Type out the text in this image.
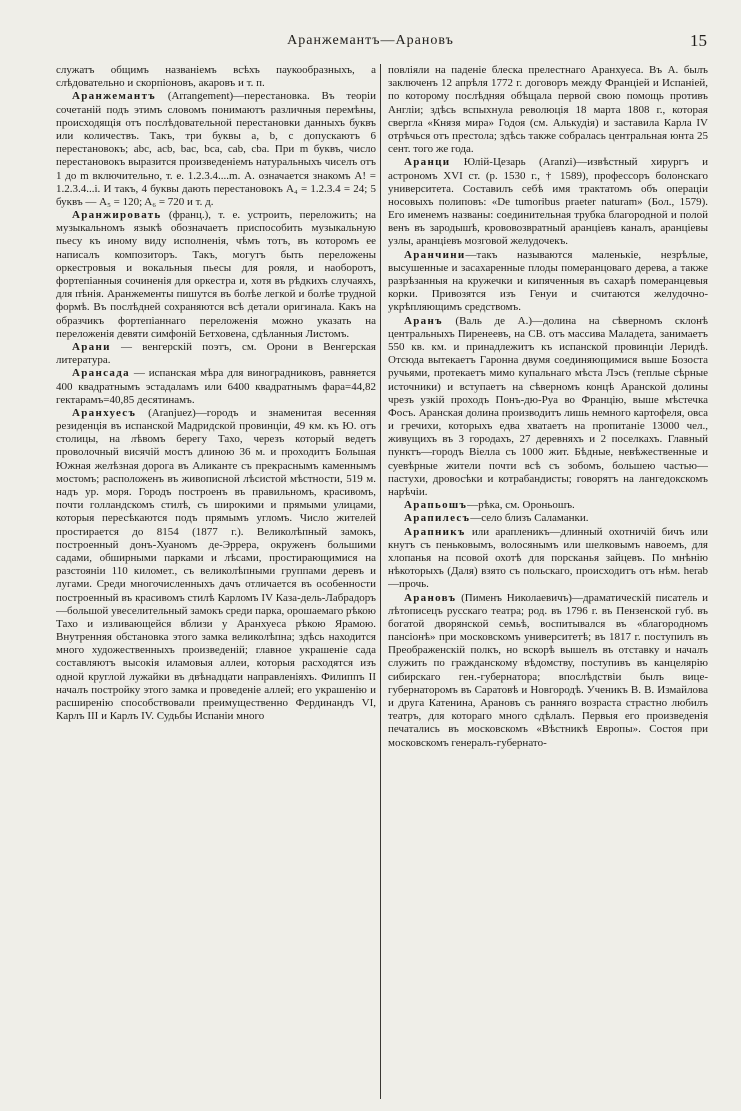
Аранжемантъ—Арановъ	15

служатъ общимъ названіемъ всѣхъ паукообразныхъ, а слѣдовательно и скорпіоновъ, акаровъ и т. п.

Аранжемантъ (Arrangement)—перестановка. Въ теоріи сочетаній подъ этимъ словомъ понимаютъ различныя перемѣны, происходящія отъ послѣдовательной перестановки данныхъ буквъ или количествъ. Такъ, три буквы a, b, c допускаютъ 6 перестановокъ; abc, acb, bac, bca, cab, cba. При m буквъ, число перестановокъ выразится произведеніемъ натуральныхъ чиселъ отъ 1 до m включительно, т. е. 1.2.3.4....m. А. означается знакомъ A! = 1.2.3.4...i. И такъ, 4 буквы дають перестановокъ A₄ = 1.2.3.4 = 24; 5 буквъ — A₅ = 120; A₆ = 720 и т. д.

Аранжировать (франц.), т. е. устроить, переложить; на музыкальномъ языкѣ обозначаетъ приспособить музыкальную пьесу къ иному виду исполненія, чѣмъ тотъ, въ которомъ ее написалъ композиторъ. Такъ, могутъ быть переложены оркестровыя и вокальныя пьесы для рояля, и наоборотъ, фортепіанныя сочиненія для оркестра и, хотя въ рѣдкихъ случаяхъ, для пѣнія. Аранжементы пишутся въ болѣе легкой и болѣе трудной формѣ. Въ послѣдней сохраняются всѣ детали оригинала. Какъ на образчикъ фортепіаннаго переложенія можно указать на переложенія девяти симфоній Бетховена, сдѣланныя Листомъ.

Арани — венгерскій поэтъ, см. Орони в Венгерская литература.

Арансада — испанская мѣра для виноградниковъ, равняется 400 квадратнымъ эстадаламъ или 6400 квадратнымъ фара=44,82 гектарамъ=40,85 десятинамъ.

Аранхуесъ (Aranjuez)—городъ и знаменитая весенняя резиденція въ испанской Мадридской провинціи, 49 км. къ Ю. отъ столицы, на лѣвомъ берегу Тахо, черезъ который ведетъ проволочный висячій мостъ длиною 36 м. и проходитъ Большая Южная желѣзная дорога въ Аликанте съ прекраснымъ каменнымъ мостомъ; расположенъ въ живописной лѣсистой мѣстности, 519 м. надъ ур. моря. Городъ построенъ въ правильномъ, красивомъ, почти голландскомъ стилѣ, съ широкими и прямыми улицами, которыя пересѣкаются подъ прямымъ угломъ. Число жителей простирается до 8154 (1877 г.). Великолѣпный замокъ, построенный донъ-Хуаномъ де-Эррера, окруженъ большими садами, обширными парками и лѣсами, простирающимися на разстояніи 110 километ., съ великолѣпными группами деревъ и лугами. Среди многочисленныхъ дачъ отличается въ особенности построенный въ красивомъ стилѣ Карломъ IV Каза-дель-Лабрадоръ—большой увеселительный замокъ среди парка, орошаемаго рѣкою Тахо и изливающейся вблизи у Аранхуеса рѣкою Ярамою. Внутренняя обстановка этого замка великолѣпна; здѣсь находится много художественныхъ произведеній; главное украшеніе сада составляютъ высокія иламовыя аллеи, которыя расходятся изъ одной круглой лужайки въ двѣнадцати направленіяхъ. Филиппъ II началъ постройку этого замка и проведеніе аллей; его украшенію и расширенію способствовали преимущественно Фердинандъ VI, Карлъ III и Карлъ IV. Судьбы Испаніи много

повліяли на паденіе блеска прелестнаго Аранхуеса. Въ А. былъ заключенъ 12 апрѣля 1772 г. договоръ между Франціей и Испаніей, по которому послѣдняя обѣщала первой свою помощь противъ Англіи; здѣсь вспыхнула революція 18 марта 1808 г., которая свергла «Князя мира» Годоя (см. Алькудія) и заставила Карла IV отрѣчься отъ престола; здѣсь также собралась центральная юнта 25 сент. того же года.

Аранци Юлій-Цезарь (Aranzi)—извѣстный хирургъ и астрономъ XVI ст. (р. 1530 г., † 1589), профессоръ болонскаго университета. Составилъ себѣ имя трактатомъ объ операціи носовыхъ полиповъ: «De tumoribus praeter naturam» (Бол., 1579). Его именемъ названы: соединительная трубка благородной и полой венъ въ зародышѣ, крововозвратный аранціевъ каналъ, аранціевы узлы, аранціевъ мозговой желудочекъ.

Аранчини—такъ называются маленькіе, незрѣлые, высушенные и засахаренные плоды померанцоваго дерева, а также разрѣзанныя на кружечки и кипяченныя въ сахарѣ померанцевыя корки. Привозятся изъ Генуи и считаются желудочно-укрѣпляющимъ средствомъ.

Аранъ (Валь де А.)—долина на сѣверномъ склонѣ центральныхъ Пиренеевъ, на СВ. отъ массива Маладета, занимаетъ 550 кв. км. и принадлежитъ къ испанской провинціи Леридѣ. Отсюда вытекаетъ Гаронна двумя соединяющимися выше Бозоста ручьями, протекаетъ мимо купальнаго мѣста Лэсъ (теплые сѣрные источники) и вступаетъ на сѣверномъ концѣ Аранской долины чрезъ узкій проходъ Понъ-дю-Руа во Францію, выше мѣстечка Фосъ. Аранская долина производитъ лишь немного картофеля, овса и гречихи, которыхъ едва хватаетъ на пропитаніе 13000 чел., живущихъ въ 3 городахъ, 27 деревняхъ и 2 поселкахъ. Главный пунктъ—городъ Віелла съ 1000 жит. Бѣдные, невѣжественные и суевѣрные жители почти всѣ съ зобомъ, большею частью—пастухи, дровосѣки и котрабандисты; говорятъ на лангедокскомъ нарѣчіи.

Арапьошъ—рѣка, см. Ороньошъ.

Арапилесъ—село близъ Саламанки.

Арапникъ или арапленикъ—длинный охотничій бичъ или кнутъ съ пеньковымъ, волосянымъ или шелковымъ навоемъ, для хлопанья на псовой охотѣ для порсканья зайцевъ. По мнѣнію нѣкоторыхъ (Даля) взято съ польскаго, происходитъ отъ нѣм. herab—прочь.

Арановъ (Пименъ Николаевичъ)—драматическій писатель и лѣтописецъ русскаго театра; род. въ 1796 г. въ Пензенской губ. въ богатой дворянской семьѣ, воспитывался въ «благородномъ пансіонѣ» при московскомъ университетѣ; въ 1817 г. поступилъ въ Преображенскій полкъ, но вскорѣ вышелъ въ отставку и началъ служить по гражданскому вѣдомству, поступивъ въ канцелярію сибирскаго ген.-губернатора; впослѣдствіи былъ вице-губернаторомъ въ Саратовѣ и Новгородѣ. Ученикъ В. В. Измайлова и друга Катенина, Арановъ съ ранняго возраста страстно любилъ театръ, для котораго много сдѣлалъ. Первыя его произведенія печатались въ московскомъ «Вѣстникѣ Европы». Состоя при московскомъ генералъ-губернато-
